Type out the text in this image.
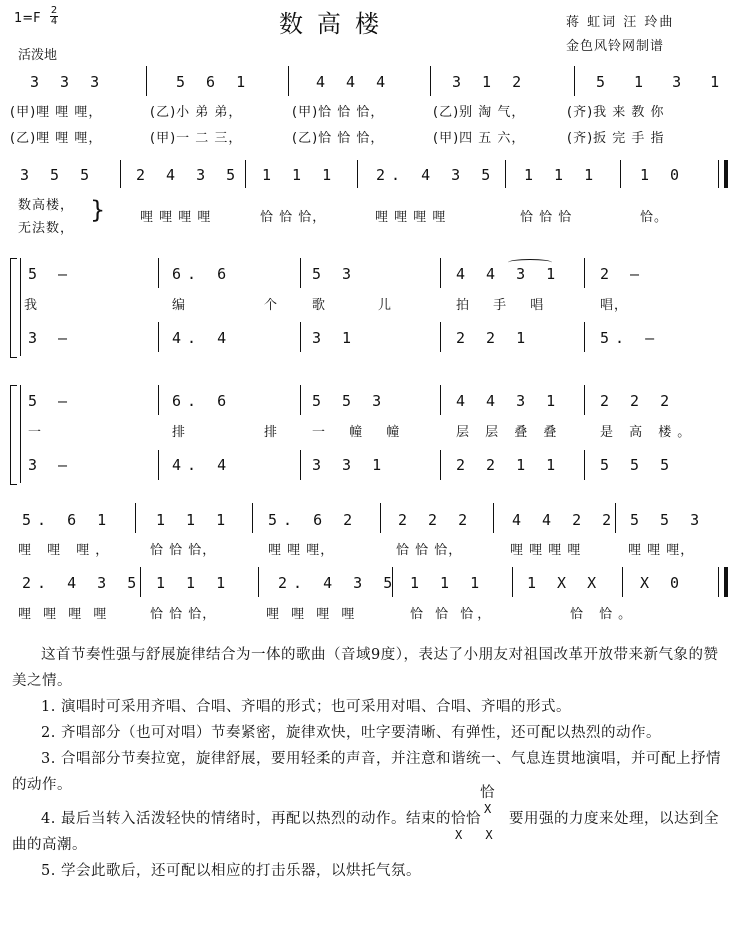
1=F
2
4	数高楼	蒋 虹词 汪 玲曲
金色风铃网制谱
活泼地
3 3 3	5 6 1	4 4 4	3 1 2	5 1 3 1
(甲)哩 哩 哩，	(乙)小 弟 弟，	(甲)恰 恰 恰，	(乙)别 淘 气，	(齐)我 来 教 你
(乙)哩 哩 哩，	(甲)一 二 三，	(乙)恰 恰 恰，	(甲)四 五 六，	(齐)扳 完 手 指
3 5 5	2 4 3 5 1 1 1	2. 4 3 5 1 1 1	1 0
数高楼，
无法数，
}	哩 哩 哩 哩	恰 恰 恰，	哩 哩 哩 哩	恰 恰 恰	恰。
5 –	6. 6	5 3	4 4 3 1	2 –
我	编	个	歌	儿	拍 手 唱	唱，
3 –	4. 4	3 1	2 2 1	5. –
5 –	6. 6	5 5 3	4 4 3 1	2 2 2
一	排	排	一 幢 幢	层 层 叠 叠	是 高 楼。
3 –	4. 4	3 3 1	2 2 1 1	5 5 5
5. 6 1	1 1 1 5. 6 2	2 2 2	4 4 2 2 5 5 3
哩 哩 哩，	恰 恰 恰，	哩 哩 哩，	恰 恰 恰，	哩 哩 哩 哩	哩 哩 哩，
2. 4 3 5 1 1 1	2. 4 3 5 1 1 1	1 X X	X 0
哩 哩 哩 哩	恰 恰 恰，	哩 哩 哩 哩	恰 恰 恰，	恰 恰。
这首节奏性强与舒展旋律结合为一体的歌曲（音域9度），表达了小朋友对祖国改革开放带来新气象的赞美之情。
1. 演唱时可采用齐唱、合唱、齐唱的形式；也可采用对唱、合唱、齐唱的形式。
2. 齐唱部分（也可对唱）节奏紧密，旋律欢快，吐字要清晰、有弹性，还可配以热烈的动作。
3. 合唱部分节奏拉宽，旋律舒展，要用轻柔的声音，并注意和谐统一、气息连贯地演唱，并可配上抒情的动作。
4. 最后当转入活泼轻快的情绪时，再配以热烈的动作。结束的
X X X
恰恰恰	要用强的力度来处理，以达到全曲的高潮。
5. 学会此歌后，还可配以相应的打击乐器，以烘托气氛。
